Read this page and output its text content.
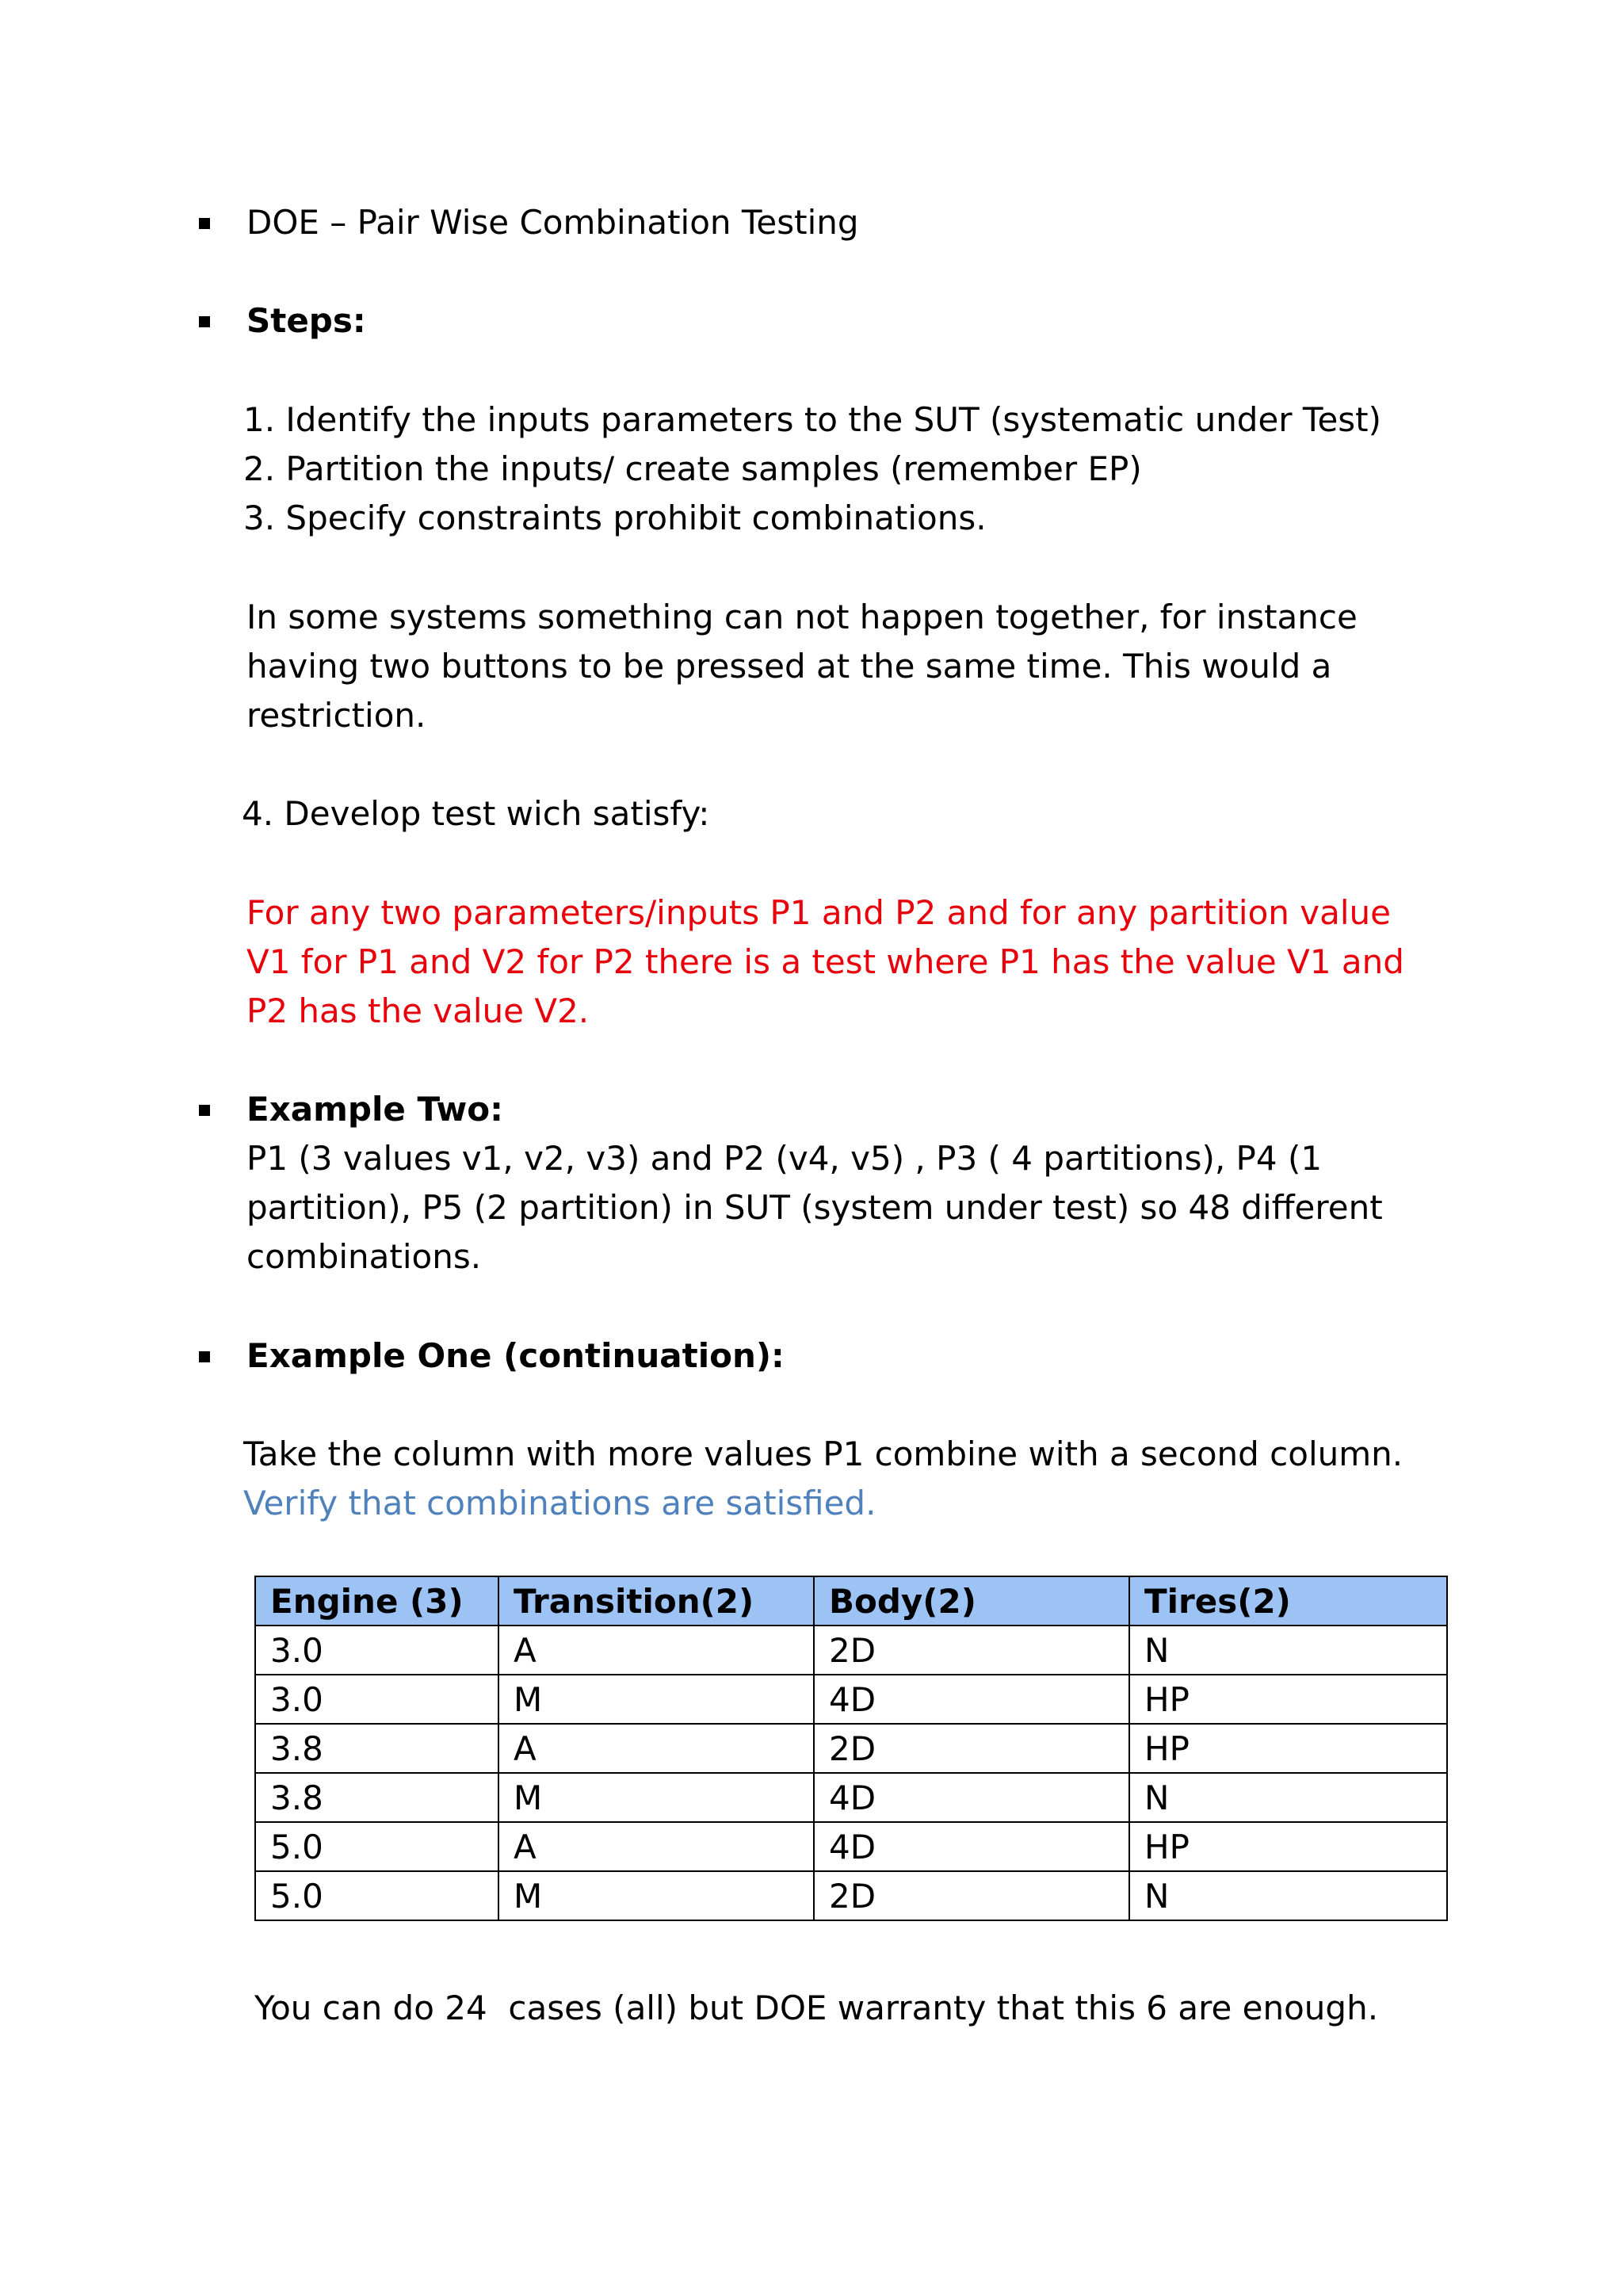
DOE – Pair Wise Combination Testing
Steps:
1. Identify the inputs parameters to the SUT (systematic under Test)
2. Partition the inputs/ create samples (remember EP)
3. Specify constraints prohibit combinations.
In some systems something can not happen together, for instance
having two buttons to be pressed at the same time. This would a
restriction.
4. Develop test wich satisfy:
For any two parameters/inputs P1 and P2 and for any partition value
V1 for P1 and V2 for P2 there is a test where P1 has the value V1 and
P2 has the value V2.
Example Two:
P1 (3 values v1, v2, v3) and P2 (v4, v5) , P3 ( 4 partitions), P4 (1
partition), P5 (2 partition) in SUT (system under test) so 48 different
combinations.
Example One (continuation):
Take the column with more values P1 combine with a second column.
Verify that combinations are satisfied.
Engine (3)	Transition(2)	Body(2)	Tires(2)
3.0	A	2D	N
3.0	M	4D	HP
3.8	A	2D	HP
3.8	M	4D	N
5.0	A	4D	HP
5.0	M	2D	N
You can do 24  cases (all) but DOE warranty that this 6 are enough.
